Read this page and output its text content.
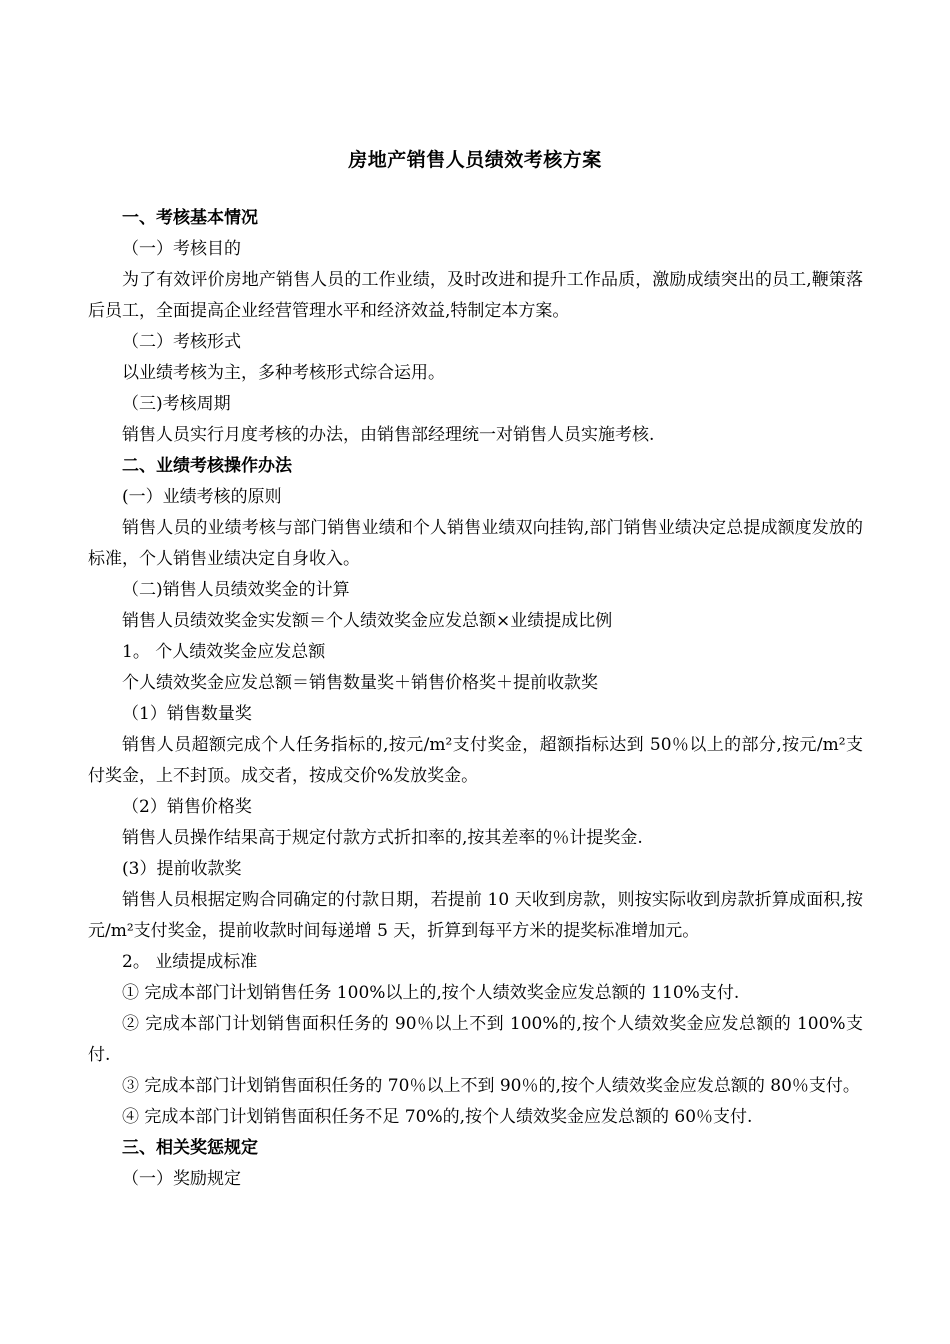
房地产销售人员绩效考核方案

一、考核基本情况

（一）考核目的

为了有效评价房地产销售人员的工作业绩，及时改进和提升工作品质，激励成绩突出的员工,鞭策落后员工，全面提高企业经营管理水平和经济效益,特制定本方案。

（二）考核形式

以业绩考核为主，多种考核形式综合运用。

（三)考核周期

销售人员实行月度考核的办法，由销售部经理统一对销售人员实施考核.

二、业绩考核操作办法

(一）业绩考核的原则

销售人员的业绩考核与部门销售业绩和个人销售业绩双向挂钩,部门销售业绩决定总提成额度发放的标准，个人销售业绩决定自身收入。

（二)销售人员绩效奖金的计算

销售人员绩效奖金实发额＝个人绩效奖金应发总额×业绩提成比例

1。 个人绩效奖金应发总额

个人绩效奖金应发总额＝销售数量奖＋销售价格奖＋提前收款奖

（1）销售数量奖

销售人员超额完成个人任务指标的,按元/m²支付奖金，超额指标达到 50％以上的部分,按元/m²支付奖金，上不封顶。成交者，按成交价%发放奖金。

（2）销售价格奖

销售人员操作结果高于规定付款方式折扣率的,按其差率的％计提奖金.

(3）提前收款奖

销售人员根据定购合同确定的付款日期，若提前 10 天收到房款，则按实际收到房款折算成面积,按元/m²支付奖金，提前收款时间每递增 5 天，折算到每平方米的提奖标准增加元。

2。 业绩提成标准

① 完成本部门计划销售任务 100%以上的,按个人绩效奖金应发总额的 110%支付.

② 完成本部门计划销售面积任务的 90％以上不到 100%的,按个人绩效奖金应发总额的 100%支付.

③ 完成本部门计划销售面积任务的 70％以上不到 90％的,按个人绩效奖金应发总额的 80％支付。

④ 完成本部门计划销售面积任务不足 70%的,按个人绩效奖金应发总额的 60％支付.

三、相关奖惩规定

（一）奖励规定
